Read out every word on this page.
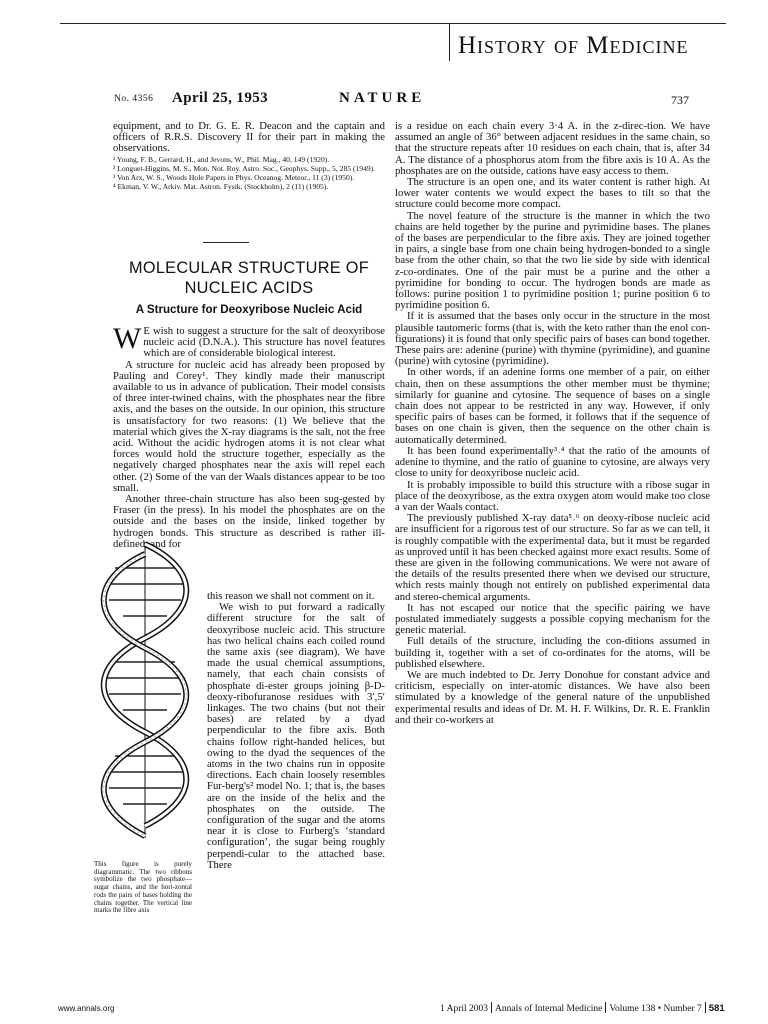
History of Medicine
No. 4356 April 25, 1953	NATURE	737

equipment, and to Dr. G. E. R. Deacon and the captain and officers of R.R.S. Discovery II for their part in making the observations.

¹ Young, F. B., Gerrard, H., and Jevons, W., Phil. Mag., 40, 149 (1920).
² Longuet-Higgins, M. S., Mon. Not. Roy. Astro. Soc., Geophys. Supp., 5, 285 (1949).
³ Von Arx, W. S., Woods Hole Papers in Phys. Oceanog. Meteor., 11 (3) (1950).
⁴ Ekman, V. W., Arkiv. Mat. Astron. Fysik. (Stockholm), 2 (11) (1905).
MOLECULAR STRUCTURE OF
NUCLEIC ACIDS
A Structure for Deoxyribose Nucleic Acid

W E wish to suggest a structure for the salt of deoxyribose nucleic acid (D.N.A.). This structure has novel features which are of considerable biological interest.

A structure for nucleic acid has already been proposed by Pauling and Corey¹. They kindly made their manuscript available to us in advance of publication. Their model consists of three inter-twined chains, with the phosphates near the fibre axis, and the bases on the outside. In our opinion, this structure is unsatisfactory for two reasons: (1) We believe that the material which gives the X-ray diagrams is the salt, not the free acid. Without the acidic hydrogen atoms it is not clear what forces would hold the structure together, especially as the negatively charged phosphates near the axis will repel each other. (2) Some of the van der Waals distances appear to be too small.

Another three-chain structure has also been sug-gested by Fraser (in the press). In his model the phosphates are on the outside and the bases on the inside, linked together by hydrogen bonds. This structure as described is rather ill-defined, and for

this reason we shall not comment on it.

We wish to put forward a radically different structure for the salt of deoxyribose nucleic acid. This structure has two helical chains each coiled round the same axis (see diagram). We have made the usual chemical assumptions, namely, that each chain consists of phosphate di-ester groups joining β-D-deoxy-ribofuranose residues with 3′,5′ linkages. The two chains (but not their bases) are related by a dyad perpendicular to the fibre axis. Both chains follow right-handed helices, but owing to the dyad the sequences of the atoms in the two chains run in opposite directions. Each chain loosely resembles Fur-berg's² model No. 1; that is, the bases are on the inside of the helix and the phosphates on the outside. The configuration of the sugar and the atoms near it is close to Furberg's ‘standard configuration’, the sugar being roughly perpendi-cular to the attached base. There

This figure is purely diagrammatic. The two ribbons symbolize the two phosphate—sugar chains, and the hori-zontal rods the pairs of bases holding the chains together. The vertical line marks the fibre axis

is a residue on each chain every 3·4 A. in the z-direc-tion. We have assumed an angle of 36° between adjacent residues in the same chain, so that the structure repeats after 10 residues on each chain, that is, after 34 A. The distance of a phosphorus atom from the fibre axis is 10 A. As the phosphates are on the outside, cations have easy access to them.

The structure is an open one, and its water content is rather high. At lower water contents we would expect the bases to tilt so that the structure could become more compact.

The novel feature of the structure is the manner in which the two chains are held together by the purine and pyrimidine bases. The planes of the bases are perpendicular to the fibre axis. They are joined together in pairs, a single base from one chain being hydrogen-bonded to a single base from the other chain, so that the two lie side by side with identical z-co-ordinates. One of the pair must be a purine and the other a pyrimidine for bonding to occur. The hydrogen bonds are made as follows: purine position 1 to pyrimidine position 1; purine position 6 to pyrimidine position 6.

If it is assumed that the bases only occur in the structure in the most plausible tautomeric forms (that is, with the keto rather than the enol con-figurations) it is found that only specific pairs of bases can bond together. These pairs are: adenine (purine) with thymine (pyrimidine), and guanine (purine) with cytosine (pyrimidine).

In other words, if an adenine forms one member of a pair, on either chain, then on these assumptions the other member must be thymine; similarly for guanine and cytosine. The sequence of bases on a single chain does not appear to be restricted in any way. However, if only specific pairs of bases can be formed, it follows that if the sequence of bases on one chain is given, then the sequence on the other chain is automatically determined.

It has been found experimentally³˒⁴ that the ratio of the amounts of adenine to thymine, and the ratio of guanine to cytosine, are always very close to unity for deoxyribose nucleic acid.

It is probably impossible to build this structure with a ribose sugar in place of the deoxyribose, as the extra oxygen atom would make too close a van der Waals contact.

The previously published X-ray data⁵˒⁶ on deoxy-ribose nucleic acid are insufficient for a rigorous test of our structure. So far as we can tell, it is roughly compatible with the experimental data, but it must be regarded as unproved until it has been checked against more exact results. Some of these are given in the following communications. We were not aware of the details of the results presented there when we devised our structure, which rests mainly though not entirely on published experimental data and stereo-chemical arguments.

It has not escaped our notice that the specific pairing we have postulated immediately suggests a possible copying mechanism for the genetic material.

Full details of the structure, including the con-ditions assumed in building it, together with a set of co-ordinates for the atoms, will be published elsewhere.

We are much indebted to Dr. Jerry Donohue for constant advice and criticism, especially on inter-atomic distances. We have also been stimulated by a knowledge of the general nature of the unpublished experimental results and ideas of Dr. M. H. F. Wilkins, Dr. R. E. Franklin and their co-workers at

www.annals.org	1 April 2003 Annals of Internal Medicine Volume 138 • Number 7 581
